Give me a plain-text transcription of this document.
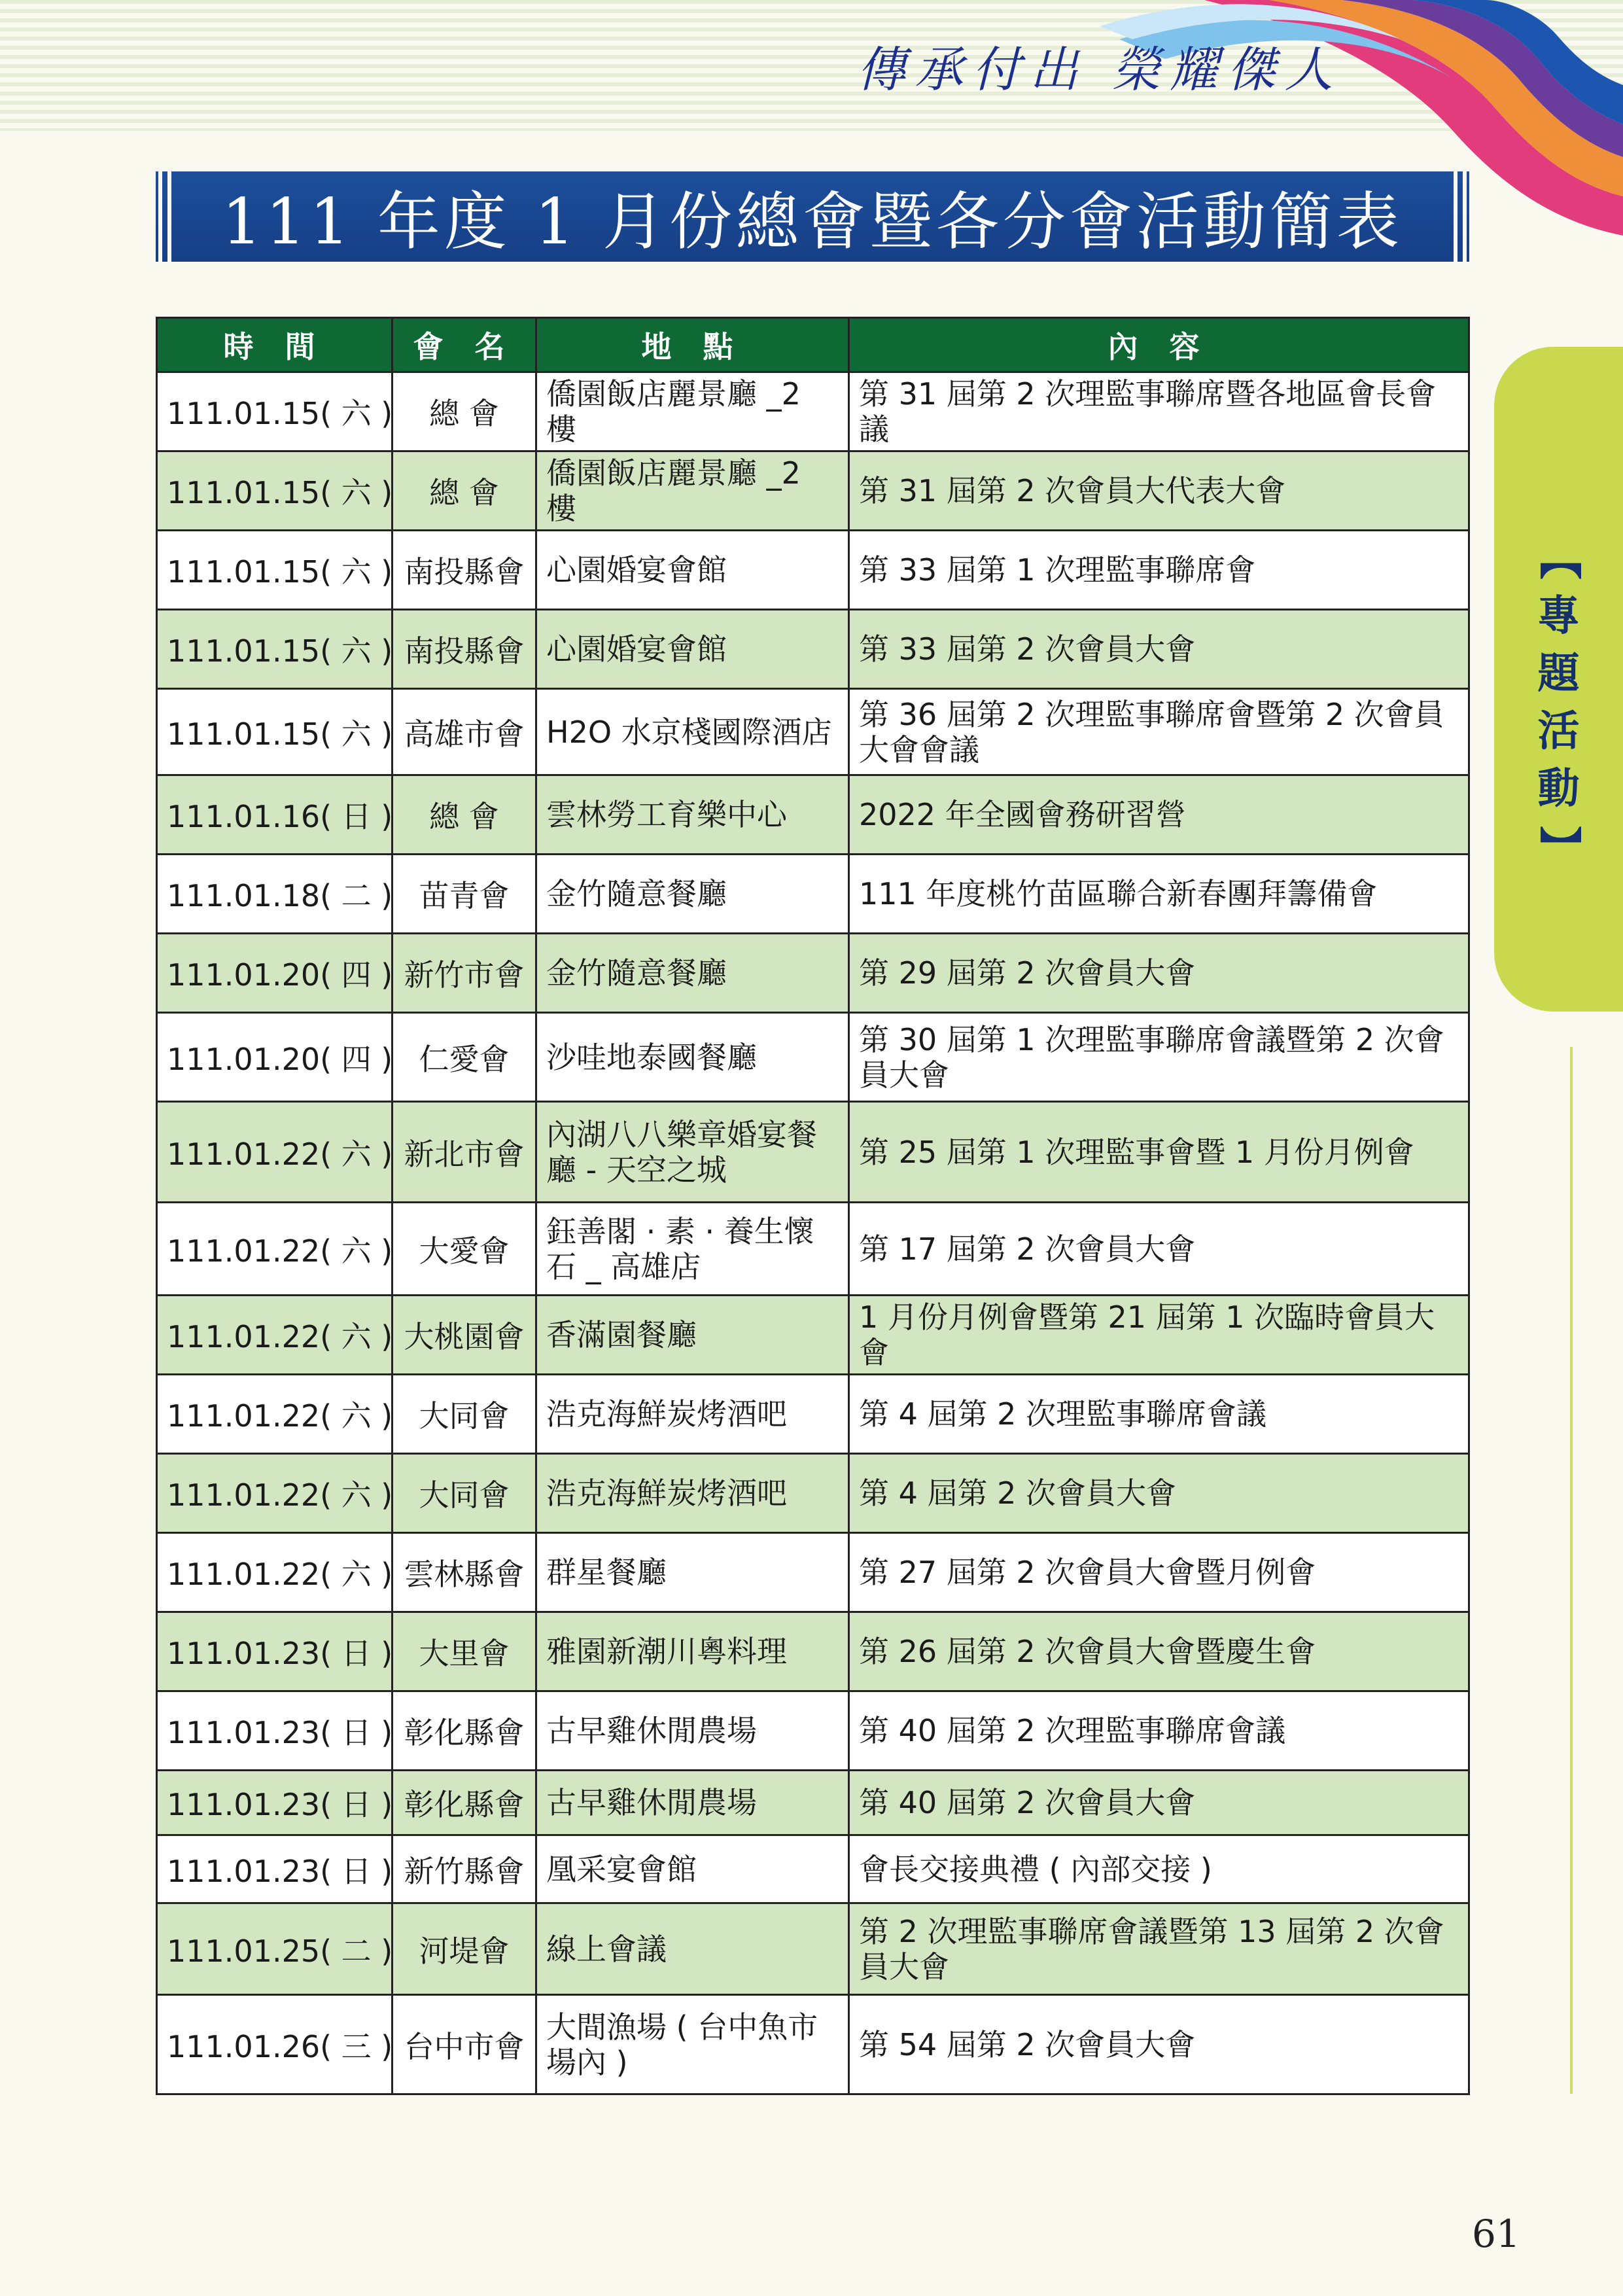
傳承付出 榮耀傑人
111 年度 1 月份總會暨各分會活動簡表
【
專
題
活
動
】
時 間	會 名	地 點	內 容
111.01.15( 六 )	總 會	僑園飯店麗景廳 _2 樓	第 31 屆第 2 次理監事聯席暨各地區會長會議
111.01.15( 六 )	總 會	僑園飯店麗景廳 _2 樓	第 31 屆第 2 次會員大代表大會
111.01.15( 六 )	南投縣會	心園婚宴會館	第 33 屆第 1 次理監事聯席會
111.01.15( 六 )	南投縣會	心園婚宴會館	第 33 屆第 2 次會員大會
111.01.15( 六 )	高雄市會	H2O 水京棧國際酒店	第 36 屆第 2 次理監事聯席會暨第 2 次會員大會會議
111.01.16( 日 )	總 會	雲林勞工育樂中心	2022 年全國會務研習營
111.01.18( 二 )	苗青會	金竹隨意餐廳	111 年度桃竹苗區聯合新春團拜籌備會
111.01.20( 四 )	新竹市會	金竹隨意餐廳	第 29 屆第 2 次會員大會
111.01.20( 四 )	仁愛會	沙哇地泰國餐廳	第 30 屆第 1 次理監事聯席會議暨第 2 次會員大會
111.01.22( 六 )	新北市會	內湖八八樂章婚宴餐廳 - 天空之城	第 25 屆第 1 次理監事會暨 1 月份月例會
111.01.22( 六 )	大愛會	鈺善閣 · 素 · 養生懷石 _ 高雄店	第 17 屆第 2 次會員大會
111.01.22( 六 )	大桃園會	香滿園餐廳	1 月份月例會暨第 21 屆第 1 次臨時會員大會
111.01.22( 六 )	大同會	浩克海鮮炭烤酒吧	第 4 屆第 2 次理監事聯席會議
111.01.22( 六 )	大同會	浩克海鮮炭烤酒吧	第 4 屆第 2 次會員大會
111.01.22( 六 )	雲林縣會	群星餐廳	第 27 屆第 2 次會員大會暨月例會
111.01.23( 日 )	大里會	雅園新潮川粵料理	第 26 屆第 2 次會員大會暨慶生會
111.01.23( 日 )	彰化縣會	古早雞休閒農場	第 40 屆第 2 次理監事聯席會議
111.01.23( 日 )	彰化縣會	古早雞休閒農場	第 40 屆第 2 次會員大會
111.01.23( 日 )	新竹縣會	凰采宴會館	會長交接典禮 ( 內部交接 )
111.01.25( 二 )	河堤會	線上會議	第 2 次理監事聯席會議暨第 13 屆第 2 次會員大會
111.01.26( 三 )	台中市會	大間漁場 ( 台中魚市場內 )	第 54 屆第 2 次會員大會
61
